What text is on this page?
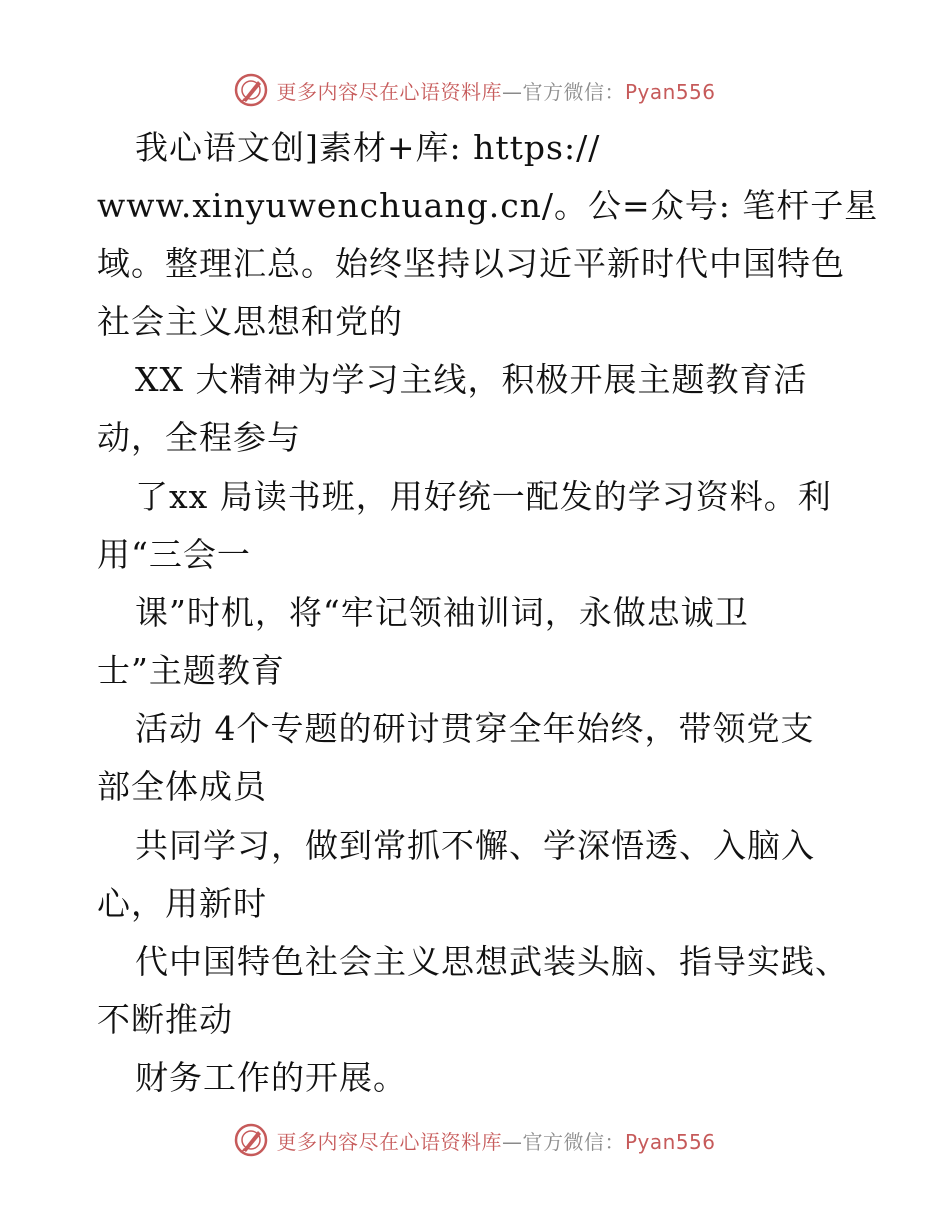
更多内容尽在心语资料库—官方微信：Pyan556
我心语文创]素材+库: https://
www.xinyuwenchuang.cn/。公=众号: 笔杆子星
域。整理汇总。始终坚持以习近平新时代中国特色
社会主义思想和党的
XX 大精神为学习主线，积极开展主题教育活
动，全程参与
了xx 局读书班，用好统一配发的学习资料。利
用“三会一
课”时机，将“牢记领袖训词，永做忠诚卫
士”主题教育
活动 4个专题的研讨贯穿全年始终，带领党支
部全体成员
共同学习，做到常抓不懈、学深悟透、入脑入
心，用新时
代中国特色社会主义思想武装头脑、指导实践、
不断推动
财务工作的开展。
更多内容尽在心语资料库—官方微信：Pyan556
